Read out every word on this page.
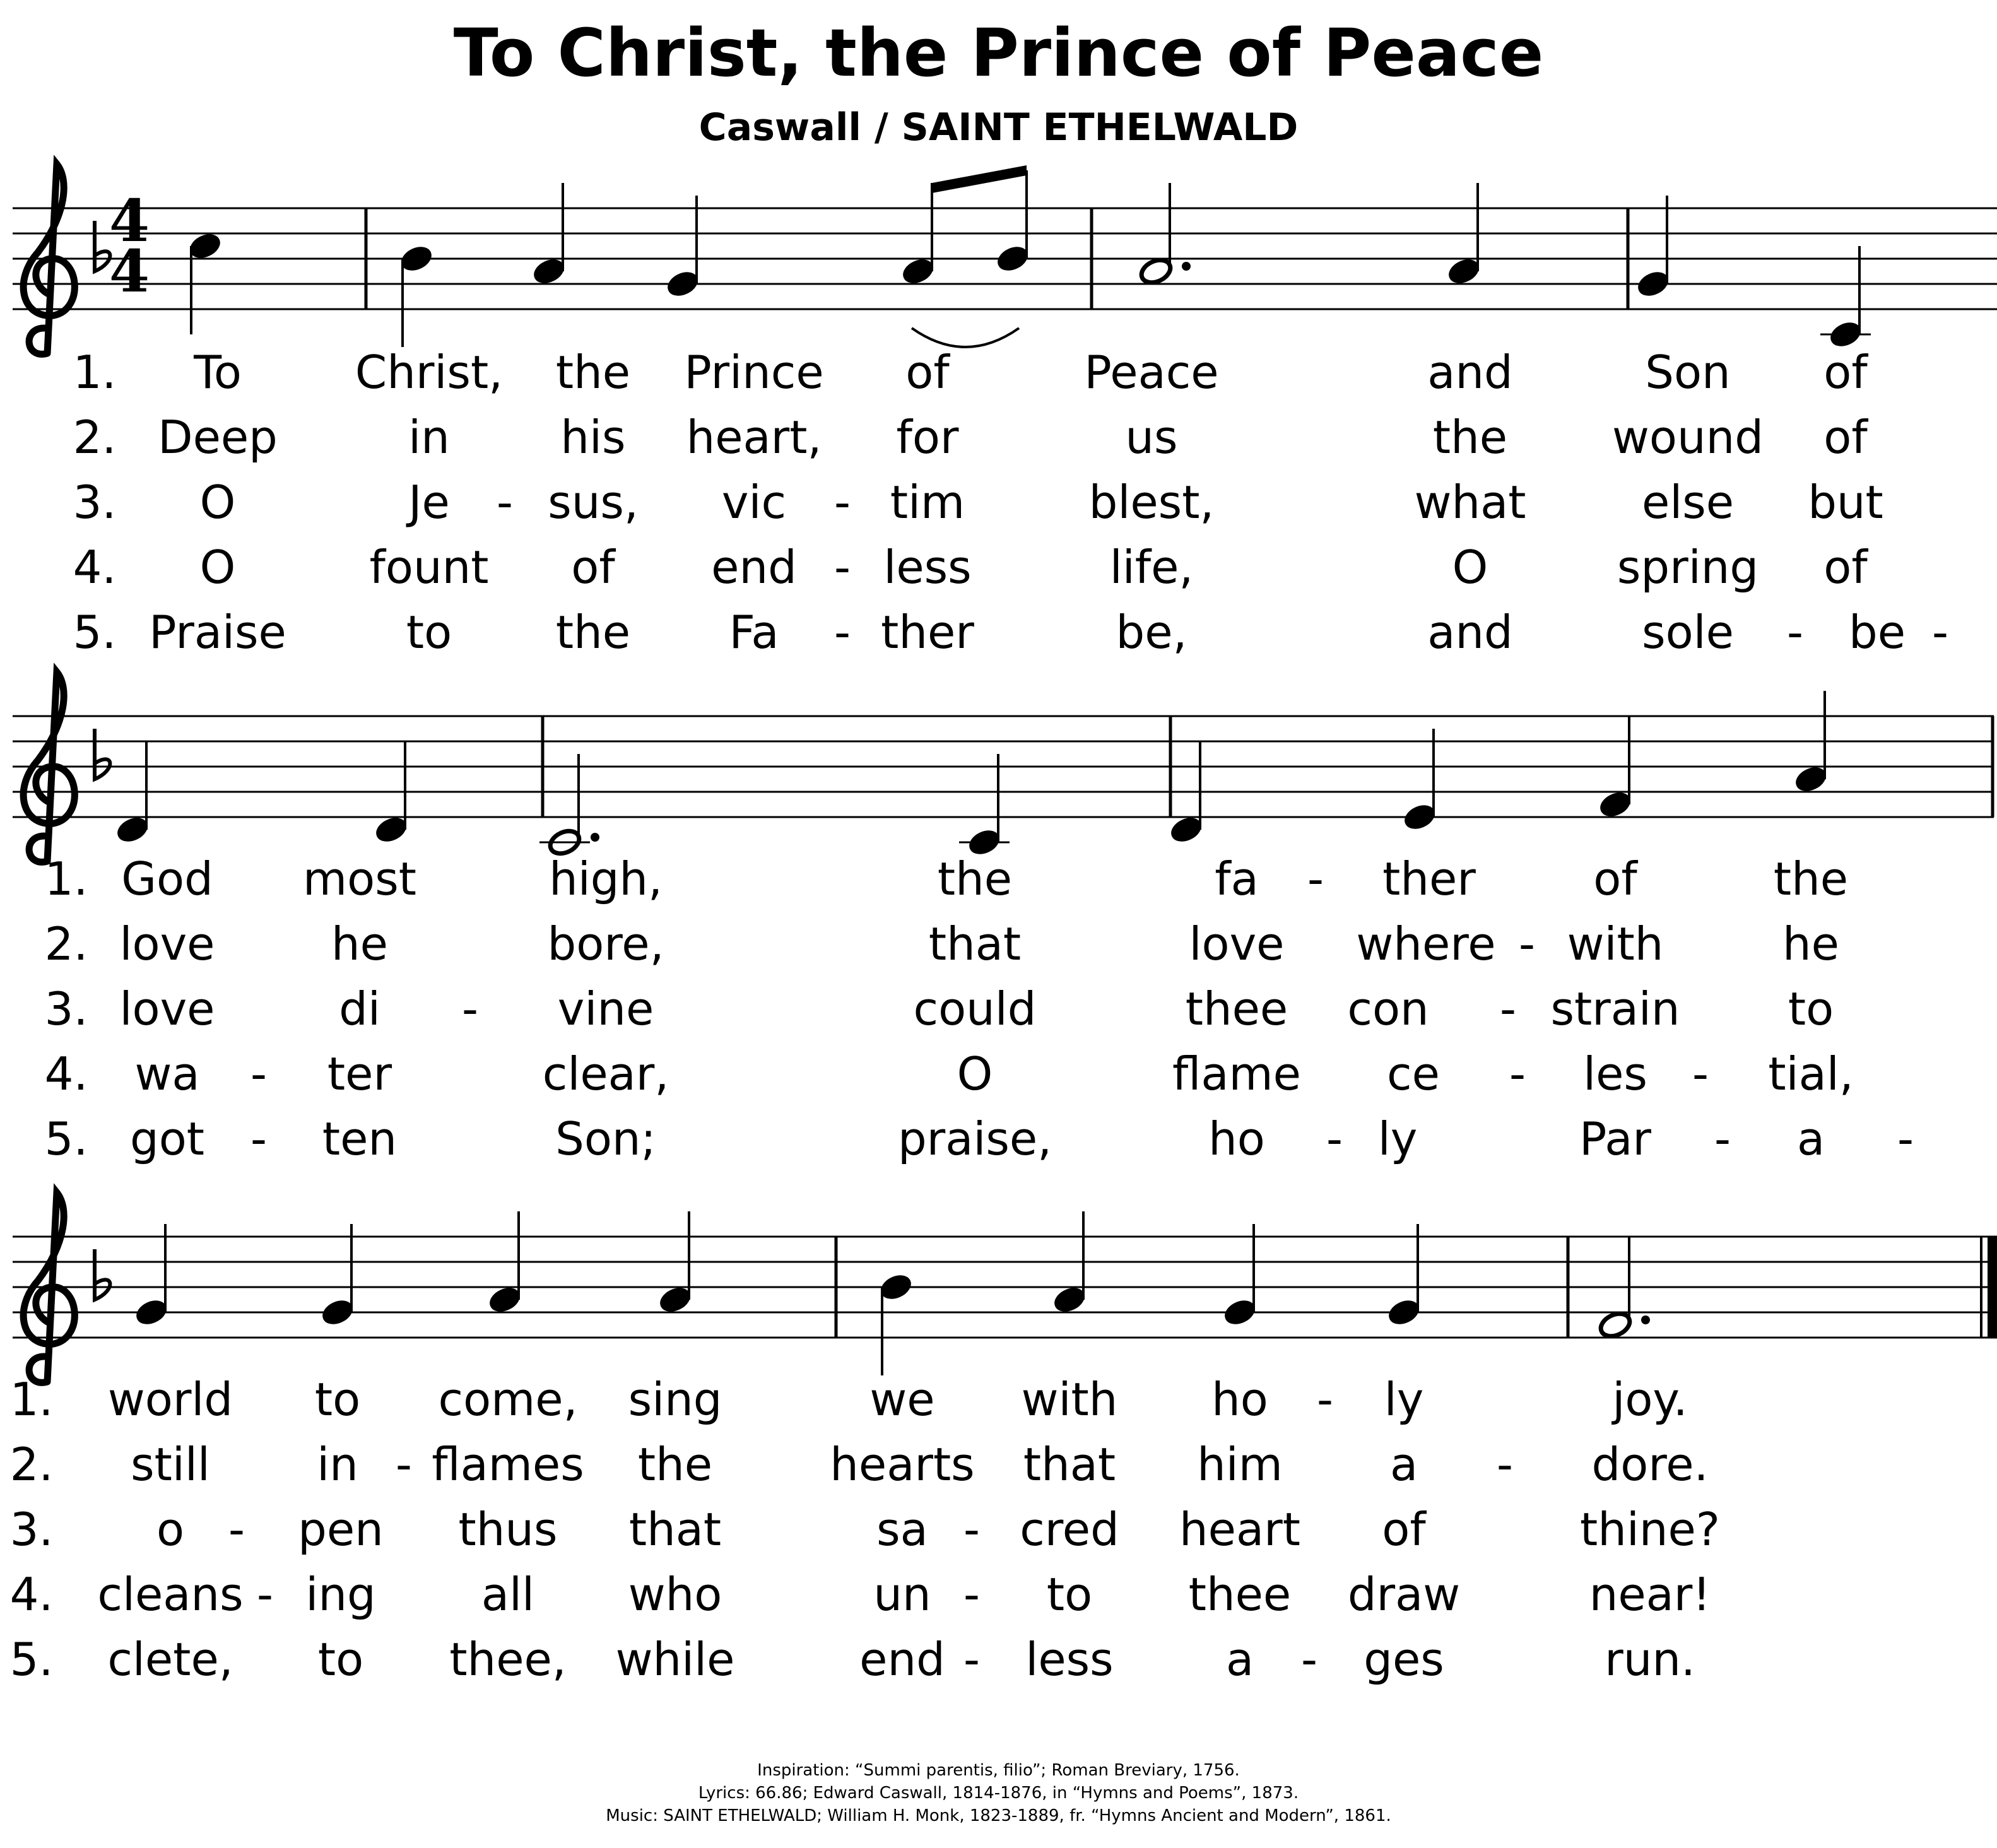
To Christ, the Prince of Peace
Caswall / SAINT ETHELWALD
4
4
1. To	Christ, the Prince of	Peace	and	Son of
2. Deep	in his heart, for	us	the wound of
3. O	Je - sus, vic - tim	blest,	what	else but
4. O	fount of end - less	life,	O	spring of
5. Praise	to the Fa - ther	be,	and	sole - be -
1. God most	high,	the	fa - ther	of	the
2. love	he	bore,	that	love where - with	he
3. love	di - vine	could	thee con - strain to
4. wa - ter	clear,	O	flame ce - les - tial,
5. got - ten	Son;	praise,	ho - ly	Par - a -
1. world to come, sing	we with ho - ly	joy.
2. still in - flames the	hearts that him a - dore.
3. o - pen thus that	sa - cred heart of	thine?
4. cleans - ing all who	un - to thee draw	near!
5. clete, to thee, while	end - less a - ges	run.
Inspiration: “Summi parentis, filio”; Roman Breviary, 1756.
Lyrics: 66.86; Edward Caswall, 1814-1876, in “Hymns and Poems”, 1873.
Music: SAINT ETHELWALD; William H. Monk, 1823-1889, fr. “Hymns Ancient and Modern”, 1861.
